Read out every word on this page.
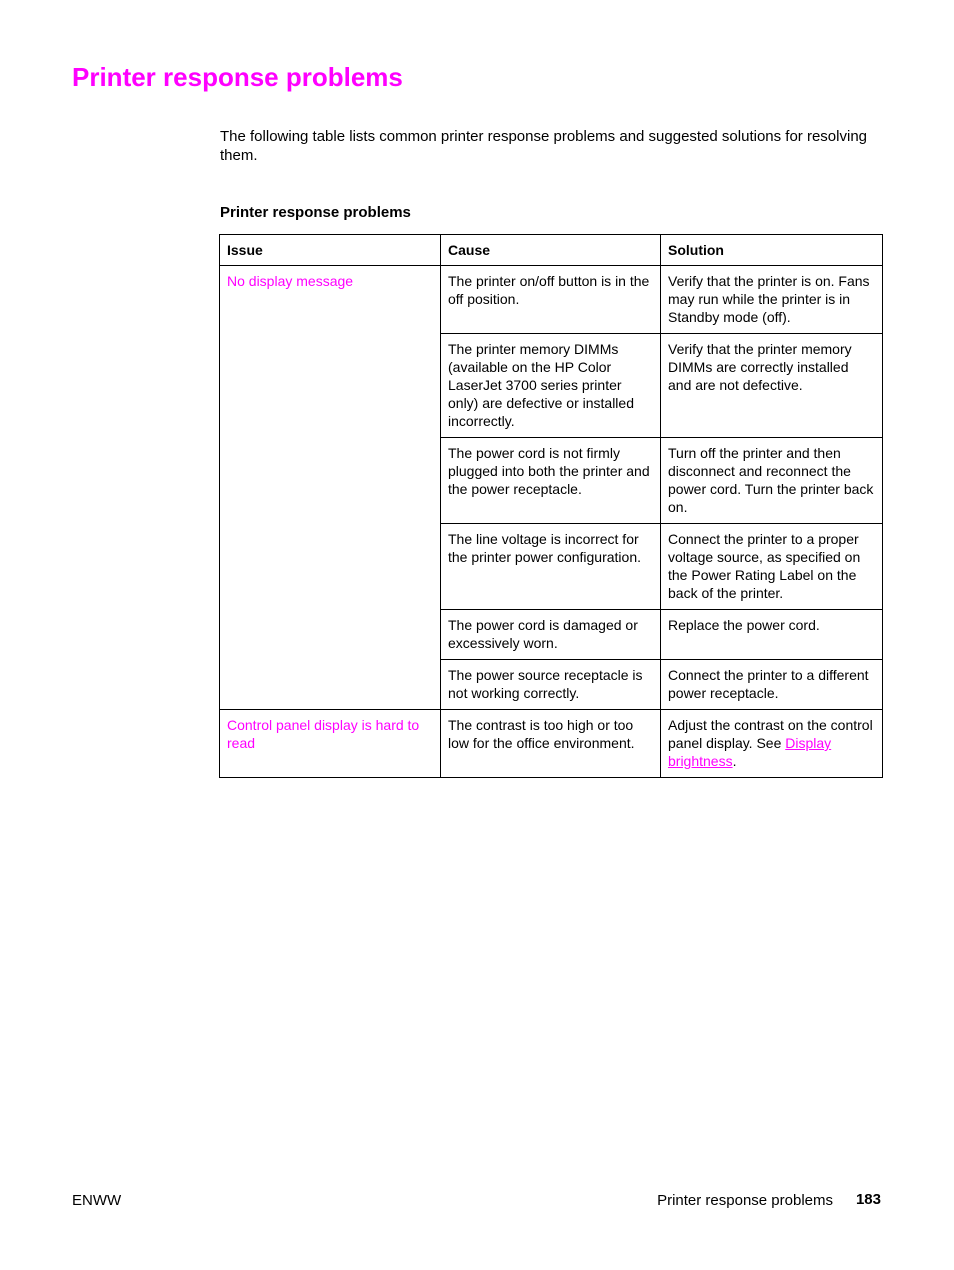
Printer response problems

The following table lists common printer response problems and suggested solutions for resolving them.

Printer response problems

Issue	Cause	Solution
No display message	The printer on/off button is in the off position.	Verify that the printer is on. Fans may run while the printer is in Standby mode (off).
	The printer memory DIMMs (available on the HP Color LaserJet 3700 series printer only) are defective or installed incorrectly.	Verify that the printer memory DIMMs are correctly installed and are not defective.
	The power cord is not firmly plugged into both the printer and the power receptacle.	Turn off the printer and then disconnect and reconnect the power cord. Turn the printer back on.
	The line voltage is incorrect for the printer power configuration.	Connect the printer to a proper voltage source, as specified on the Power Rating Label on the back of the printer.
	The power cord is damaged or excessively worn.	Replace the power cord.
	The power source receptacle is not working correctly.	Connect the printer to a different power receptacle.
Control panel display is hard to read	The contrast is too high or too low for the office environment.	Adjust the contrast on the control panel display. See Display brightness.
ENWW	Printer response problems 183
